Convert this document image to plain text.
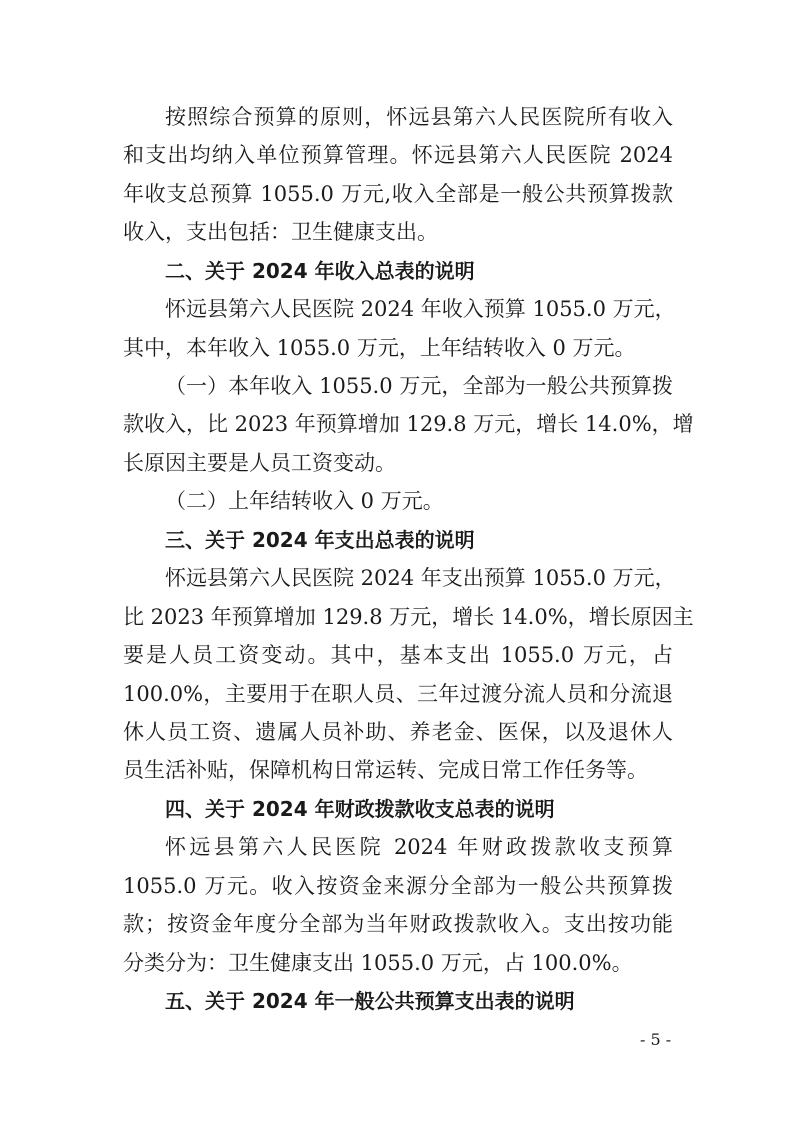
按照综合预算的原则，怀远县第六人民医院所有收入
和支出均纳入单位预算管理。怀远县第六人民医院 2024
年收支总预算 1055.0 万元,收入全部是一般公共预算拨款
收入，支出包括：卫生健康支出。
二、关于 2024 年收入总表的说明
怀远县第六人民医院 2024 年收入预算 1055.0 万元，
其中，本年收入 1055.0 万元，上年结转收入 0 万元。
（一）本年收入 1055.0 万元，全部为一般公共预算拨
款收入，比 2023 年预算增加 129.8 万元，增长 14.0%，增
长原因主要是人员工资变动。
（二）上年结转收入 0 万元。
三、关于 2024 年支出总表的说明
怀远县第六人民医院 2024 年支出预算 1055.0 万元，
比 2023 年预算增加 129.8 万元，增长 14.0%，增长原因主
要是人员工资变动。其中，基本支出 1055.0 万元，占
100.0%，主要用于在职人员、三年过渡分流人员和分流退
休人员工资、遗属人员补助、养老金、医保，以及退休人
员生活补贴，保障机构日常运转、完成日常工作任务等。
四、关于 2024 年财政拨款收支总表的说明
怀远县第六人民医院 2024 年财政拨款收支预算
1055.0 万元。收入按资金来源分全部为一般公共预算拨
款；按资金年度分全部为当年财政拨款收入。支出按功能
分类分为：卫生健康支出 1055.0 万元，占 100.0%。
五、关于 2024 年一般公共预算支出表的说明
- 5 -
